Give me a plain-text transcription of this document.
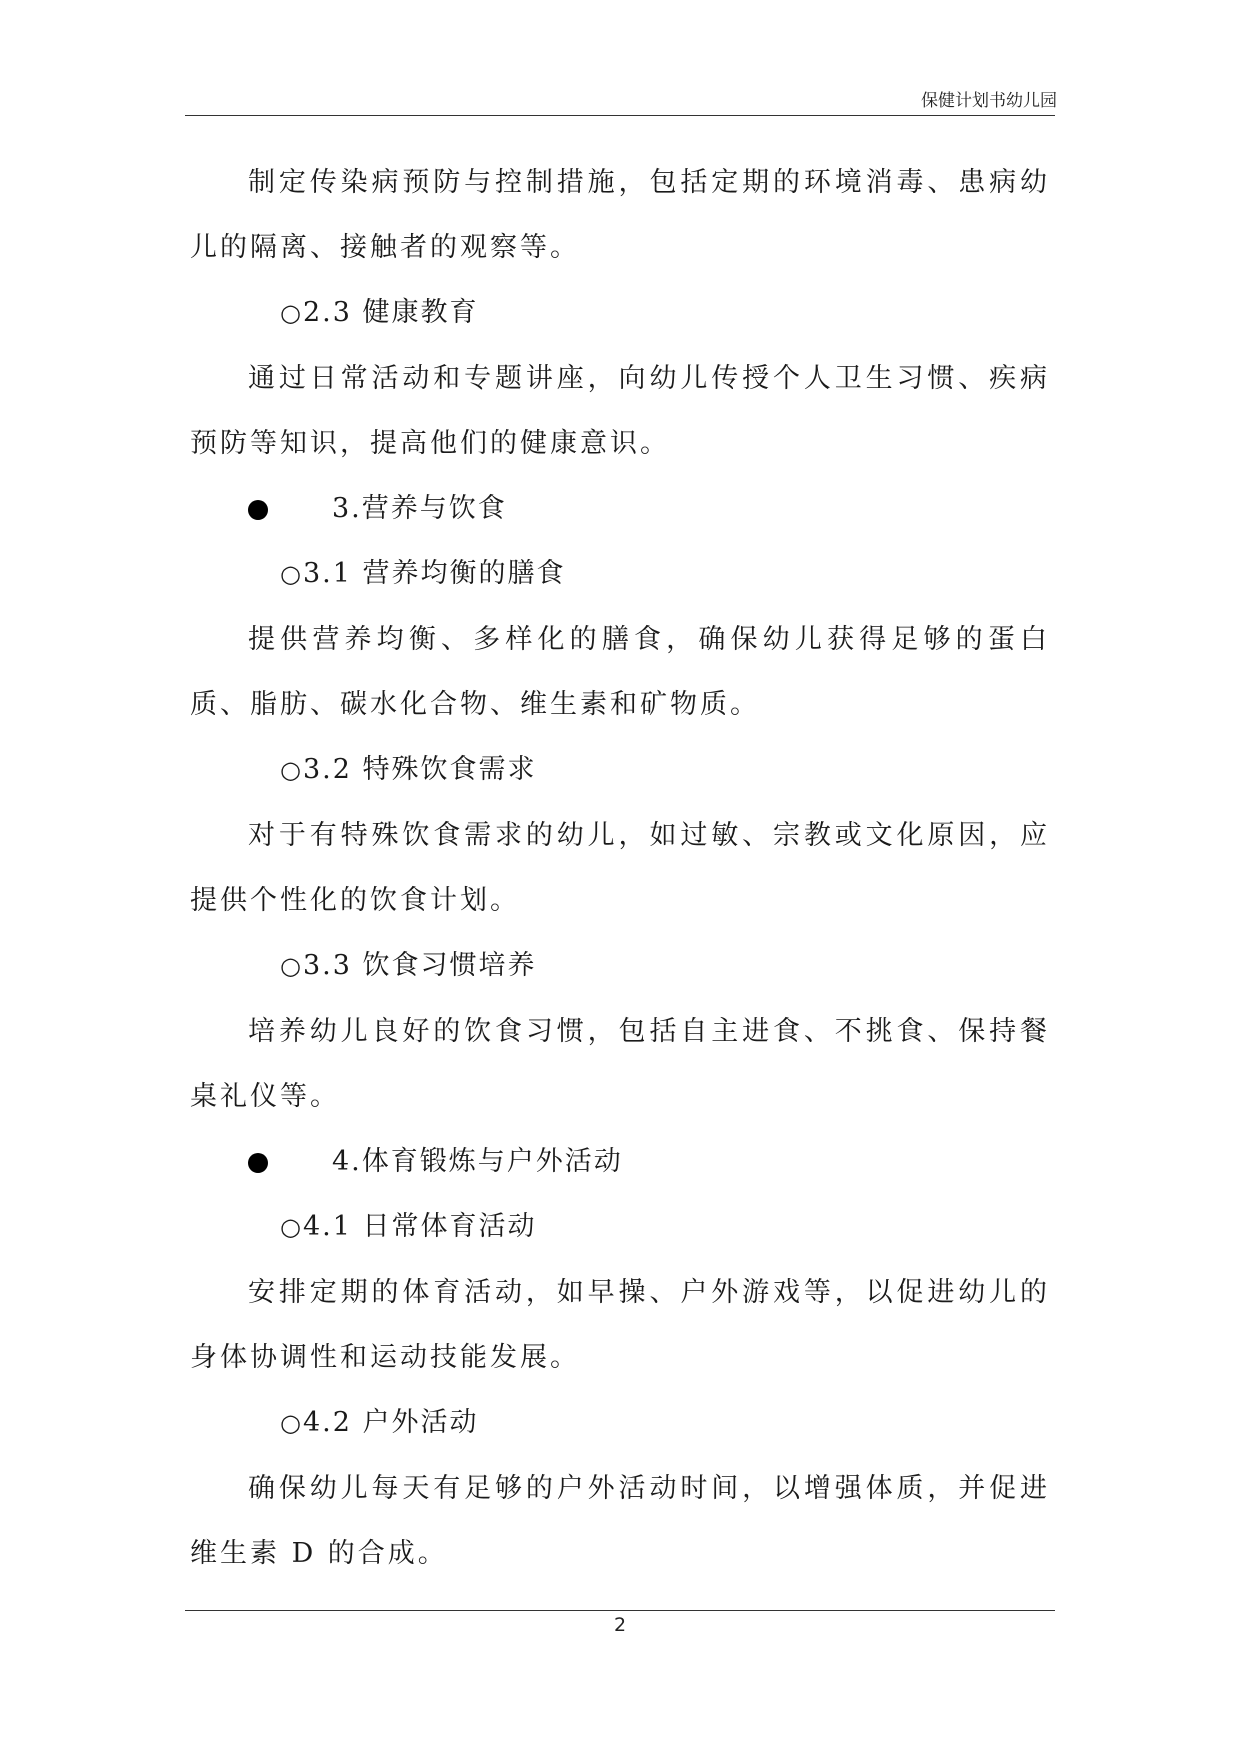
保健计划书幼儿园

制定传染病预防与控制措施，包括定期的环境消毒、患病幼儿的隔离、接触者的观察等。

○2.3 健康教育

通过日常活动和专题讲座，向幼儿传授个人卫生习惯、疾病预防等知识，提高他们的健康意识。

3.营养与饮食

○3.1 营养均衡的膳食

提供营养均衡、多样化的膳食，确保幼儿获得足够的蛋白质、脂肪、碳水化合物、维生素和矿物质。

○3.2 特殊饮食需求

对于有特殊饮食需求的幼儿，如过敏、宗教或文化原因，应提供个性化的饮食计划。

○3.3 饮食习惯培养

培养幼儿良好的饮食习惯，包括自主进食、不挑食、保持餐桌礼仪等。

4.体育锻炼与户外活动

○4.1 日常体育活动

安排定期的体育活动，如早操、户外游戏等，以促进幼儿的身体协调性和运动技能发展。

○4.2 户外活动

确保幼儿每天有足够的户外活动时间，以增强体质，并促进维生素 D 的合成。

2
